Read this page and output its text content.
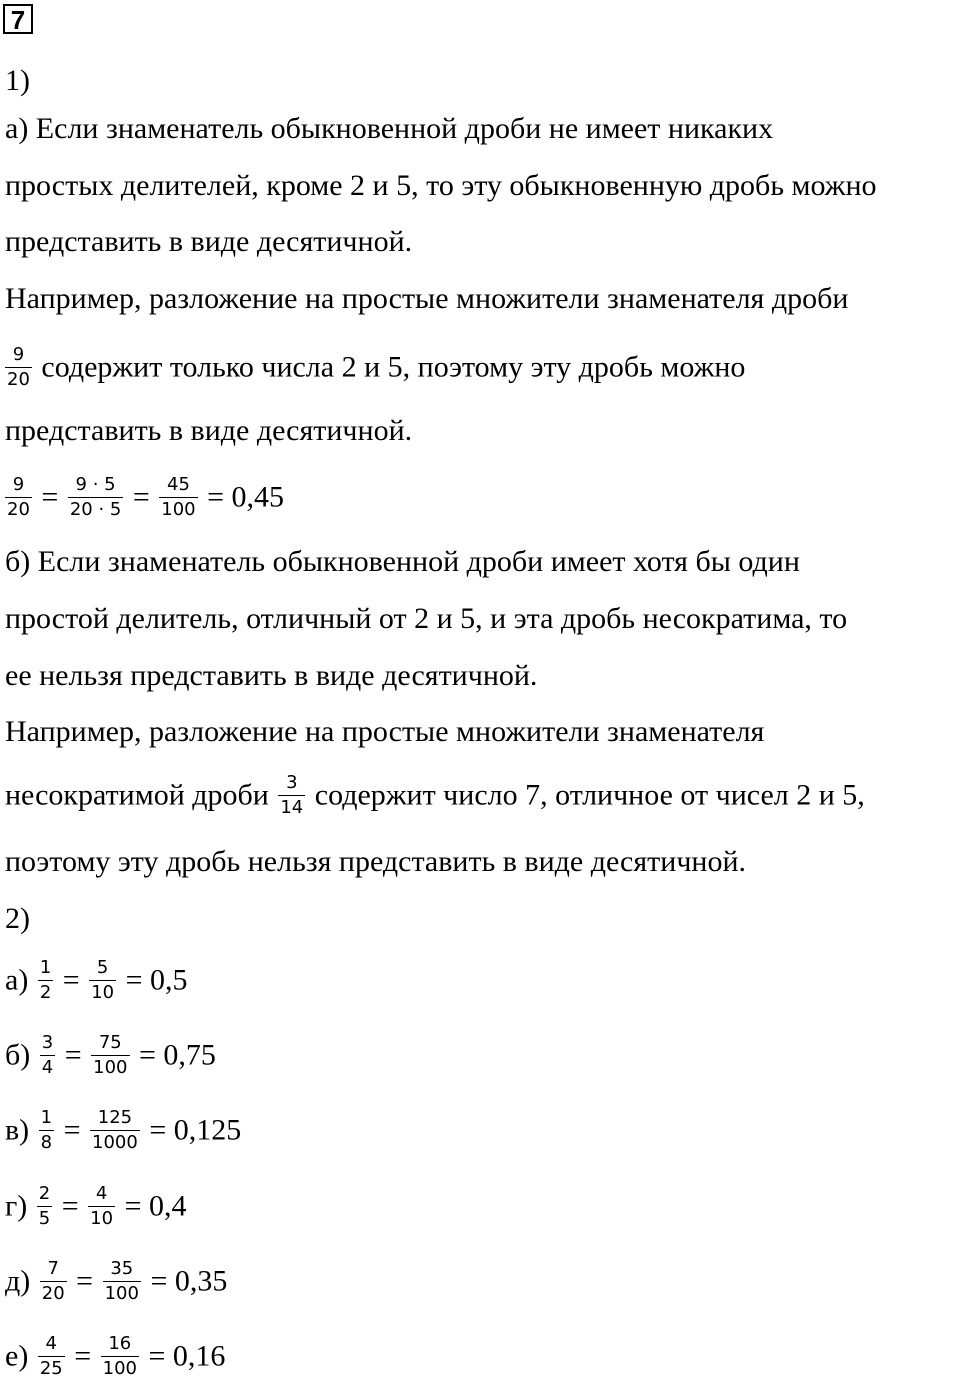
7
1)
а) Если знаменатель обыкновенной дроби не имеет никаких
простых делителей, кроме 2 и 5, то эту обыкновенную дробь можно
представить в виде десятичной.
Например, разложение на простые множители знаменателя дроби
$\frac{9}{20}$ содержит только числа 2 и 5, поэтому эту дробь можно
представить в виде десятичной.
$\frac{9}{20} = \frac{9 \cdot 5}{20 \cdot 5} = \frac{45}{100} = 0,45$
б) Если знаменатель обыкновенной дроби имеет хотя бы один
простой делитель, отличный от 2 и 5, и эта дробь несократима, то
ее нельзя представить в виде десятичной.
Например, разложение на простые множители знаменателя
несократимой дроби $\frac{3}{14}$ содержит число 7, отличное от чисел 2 и 5,
поэтому эту дробь нельзя представить в виде десятичной.
2)
$а) \frac{1}{2} = \frac{5}{10} = 0,5$
$б) \frac{3}{4} = \frac{75}{100} = 0,75$
$в) \frac{1}{8} = \frac{125}{1000} = 0,125$
$г) \frac{2}{5} = \frac{4}{10} = 0,4$
$д) \frac{7}{20} = \frac{35}{100} = 0,35$
$е) \frac{4}{25} = \frac{16}{100} = 0,16$
